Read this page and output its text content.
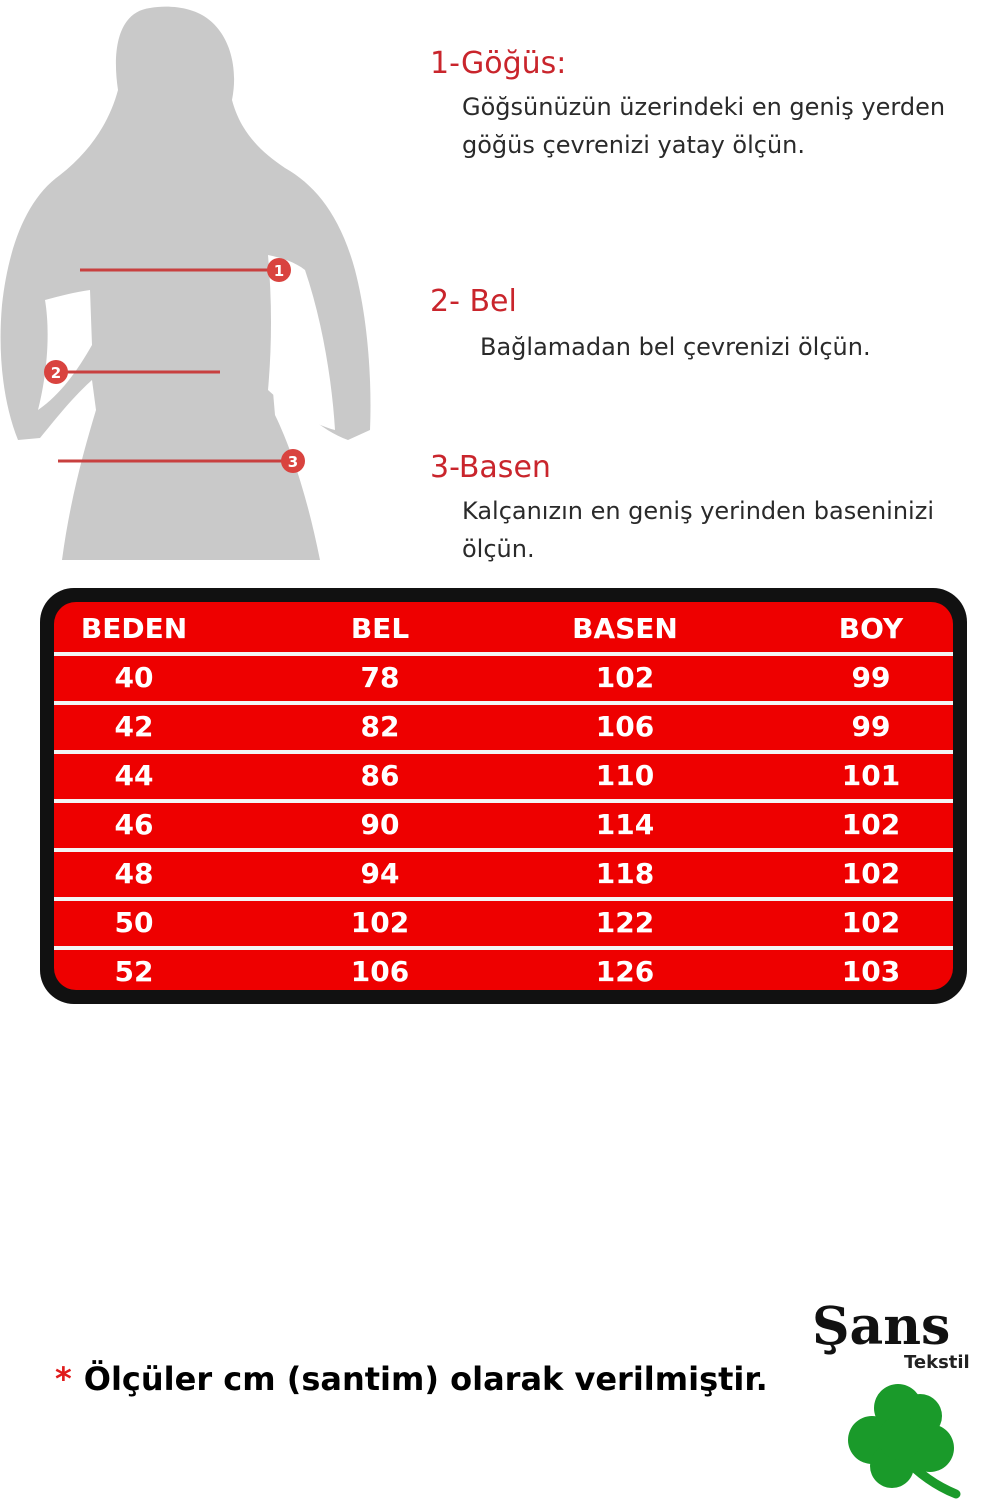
1
2
3
1-Göğüs:
Göğsünüzün üzerindeki en geniş yerden
göğüs çevrenizi yatay ölçün.
2- Bel
Bağlamadan bel çevrenizi ölçün.
3-Basen
Kalçanızın en geniş yerinden baseninizi
ölçün.
BEDEN	BEL	BASEN	BOY
40	78	102	99
42	82	106	99
44	86	110	101
46	90	114	102
48	94	118	102
50	102	122	102
52	106	126	103
* Ölçüler cm (santim) olarak verilmiştir.
Şans
Tekstil
